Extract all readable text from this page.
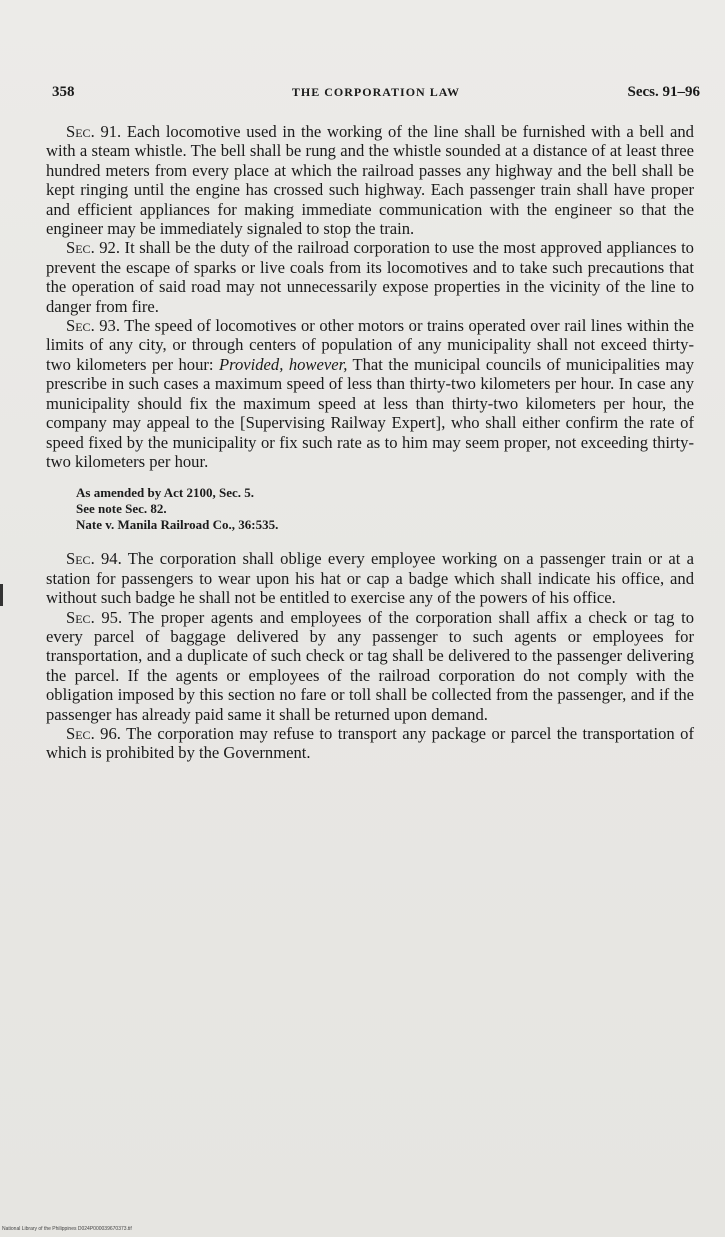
358	THE CORPORATION LAW	Secs. 91–96

Sec. 91. Each locomotive used in the working of the line shall be furnished with a bell and with a steam whistle. The bell shall be rung and the whistle sounded at a distance of at least three hundred meters from every place at which the railroad passes any highway and the bell shall be kept ringing until the engine has crossed such highway. Each passenger train shall have proper and efficient appliances for making immediate communication with the engineer so that the engineer may be immediately signaled to stop the train.

Sec. 92. It shall be the duty of the railroad corporation to use the most approved appliances to prevent the escape of sparks or live coals from its locomotives and to take such precautions that the operation of said road may not unnecessarily expose properties in the vicinity of the line to danger from fire.

Sec. 93. The speed of locomotives or other motors or trains operated over rail lines within the limits of any city, or through centers of population of any municipality shall not exceed thirty-two kilometers per hour: Provided, however, That the municipal councils of municipalities may prescribe in such cases a maximum speed of less than thirty-two kilometers per hour. In case any municipality should fix the maximum speed at less than thirty-two kilometers per hour, the company may appeal to the [Supervising Railway Expert], who shall either confirm the rate of speed fixed by the municipality or fix such rate as to him may seem proper, not exceeding thirty-two kilometers per hour.

As amended by Act 2100, Sec. 5.
See note Sec. 82.
Nate v. Manila Railroad Co., 36:535.

Sec. 94. The corporation shall oblige every employee working on a passenger train or at a station for passengers to wear upon his hat or cap a badge which shall indicate his office, and without such badge he shall not be entitled to exercise any of the powers of his office.

Sec. 95. The proper agents and employees of the corporation shall affix a check or tag to every parcel of baggage delivered by any passenger to such agents or employees for transportation, and a duplicate of such check or tag shall be delivered to the passenger delivering the parcel. If the agents or employees of the railroad corporation do not comply with the obligation imposed by this section no fare or toll shall be collected from the passenger, and if the passenger has already paid same it shall be returned upon demand.

Sec. 96. The corporation may refuse to transport any package or parcel the transportation of which is prohibited by the Government.

National Library of the Philippines D024P000039670373.tif
